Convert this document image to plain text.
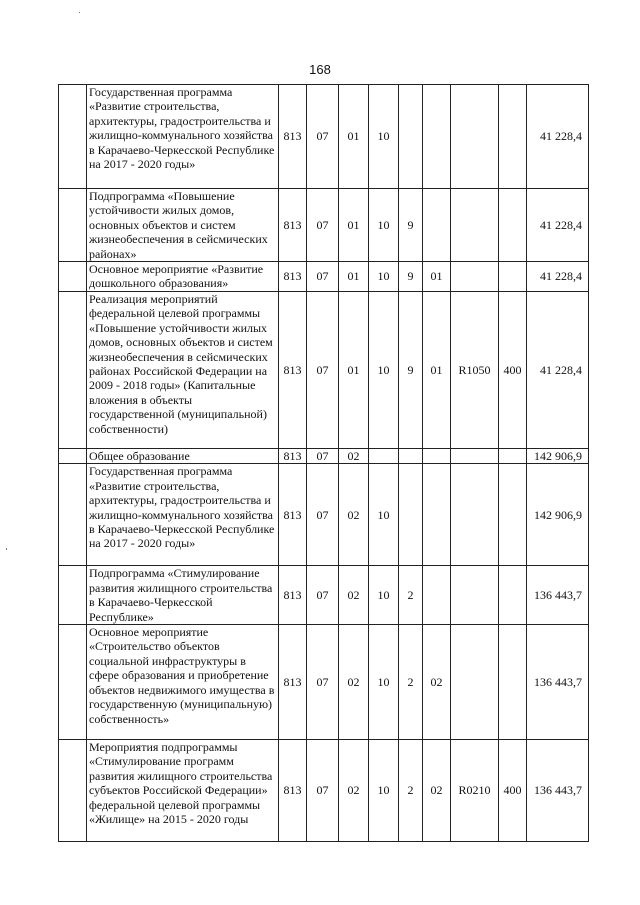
168
	Государственная программа «Развитие строительства, архитектуры, градостроительства и жилищно-коммунального хозяйства в Карачаево-Черкесской Республике на 2017 - 2020 годы»	813	07	01	10					41 228,4
	Подпрограмма «Повышение устойчивости жилых домов, основных объектов и систем жизнеобеспечения в сейсмических районах»	813	07	01	10	9				41 228,4
	Основное мероприятие «Развитие дошкольного образования»	813	07	01	10	9	01			41 228,4
	Реализация мероприятий федеральной целевой программы «Повышение устойчивости жилых домов, основных объектов и систем жизнеобеспечения в сейсмических районах Российской Федерации на 2009 - 2018 годы» (Капитальные вложения в объекты государственной (муниципальной) собственности)	813	07	01	10	9	01	R1050	400	41 228,4
	Общее образование	813	07	02						142 906,9
	Государственная программа «Развитие строительства, архитектуры, градостроительства и жилищно-коммунального хозяйства в Карачаево-Черкесской Республике на 2017 - 2020 годы»	813	07	02	10					142 906,9
	Подпрограмма «Стимулирование развития жилищного строительства в Карачаево-Черкесской Республике»	813	07	02	10	2				136 443,7
	Основное мероприятие «Строительство объектов социальной инфраструктуры в сфере образования и приобретение объектов недвижимого имущества в государственную (муниципальную) собственность»	813	07	02	10	2	02			136 443,7
	Мероприятия подпрограммы «Стимулирование программ развития жилищного строительства субъектов Российской Федерации» федеральной целевой программы «Жилище» на 2015 - 2020 годы	813	07	02	10	2	02	R0210	400	136 443,7
